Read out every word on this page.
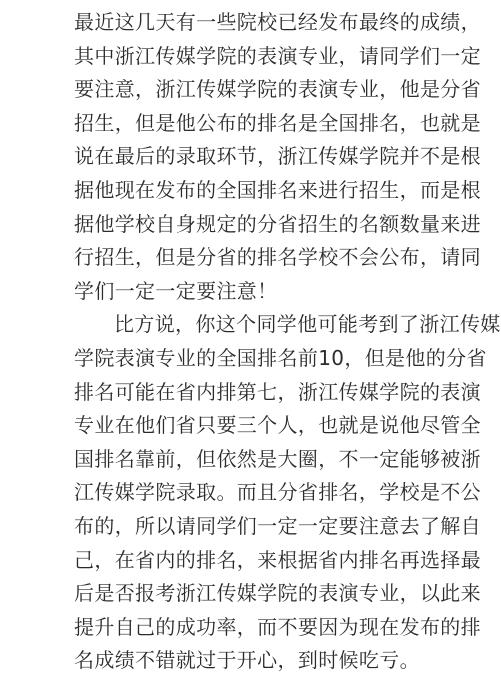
最近这几天有一些院校已经发布最终的成绩，
其中浙江传媒学院的表演专业，请同学们一定
要注意，浙江传媒学院的表演专业，他是分省
招生，但是他公布的排名是全国排名，也就是
说在最后的录取环节，浙江传媒学院并不是根
据他现在发布的全国排名来进行招生，而是根
据他学校自身规定的分省招生的名额数量来进
行招生，但是分省的排名学校不会公布，请同
学们一定一定要注意！
比方说，你这个同学他可能考到了浙江传媒
学院表演专业的全国排名前10，但是他的分省
排名可能在省内排第七，浙江传媒学院的表演
专业在他们省只要三个人，也就是说他尽管全
国排名靠前，但依然是大圈，不一定能够被浙
江传媒学院录取。而且分省排名，学校是不公
布的，所以请同学们一定一定要注意去了解自
己，在省内的排名，来根据省内排名再选择最
后是否报考浙江传媒学院的表演专业，以此来
提升自己的成功率，而不要因为现在发布的排
名成绩不错就过于开心，到时候吃亏。
